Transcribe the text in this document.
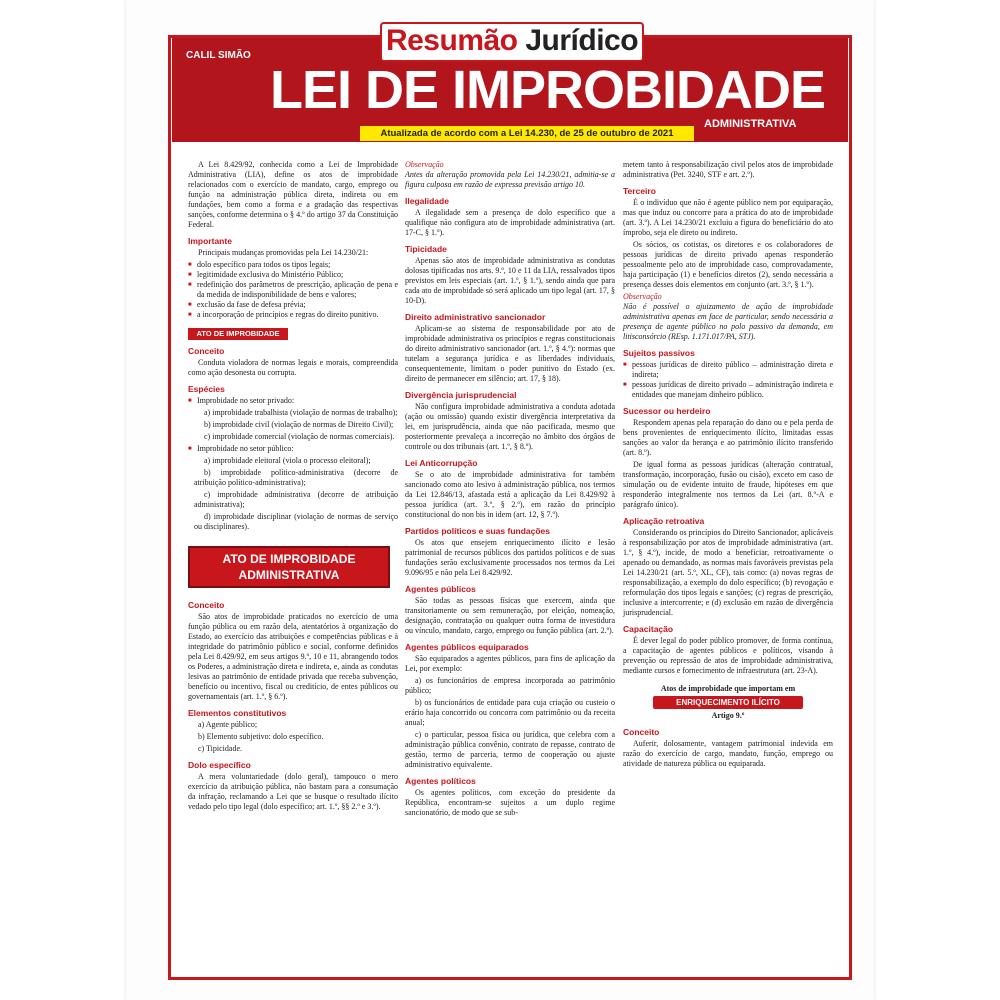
Resumão Jurídico
CALIL SIMÃO
LEI DE IMPROBIDADE
ADMINISTRATIVA
Atualizada de acordo com a Lei 14.230, de 25 de outubro de 2021

A Lei 8.429/92, conhecida como a Lei de Improbidade Administrativa (LIA), define os atos de improbidade relacionados com o exercício de mandato, cargo, emprego ou função na administração pública direta, indireta ou em fundações, bem como a forma e a gradação das respectivas sanções, conforme determina o § 4.º do artigo 37 da Constituição Federal.

Importante

Principais mudanças promovidas pela Lei 14.230/21:

■ dolo específico para todos os tipos legais;
■ legitimidade exclusiva do Ministério Público;
■ redefinição dos parâmetros de prescrição, aplicação de pena e da medida de indisponibilidade de bens e valores;
■ exclusão da fase de defesa prévia;
■ a incorporação de princípios e regras do direito punitivo.
ATO DE IMPROBIDADE
Conceito

Conduta violadora de normas legais e morais, compreendida como ação desonesta ou corrupta.

Espécies
■ Improbidade no setor privado:

a) improbidade trabalhista (violação de normas de trabalho);

b) improbidade civil (violação de normas de Direito Civil);

c) improbidade comercial (violação de normas comerciais).

■ Improbidade no setor público:

a) improbidade eleitoral (viola o processo eleitoral);

b) improbidade político-administrativa (decorre de atribuição político-administrativa);

c) improbidade administrativa (decorre de atribuição administrativa);

d) improbidade disciplinar (violação de normas de serviço ou disciplinares).

ATO DE IMPROBIDADE
ADMINISTRATIVA
Conceito

São atos de improbidade praticados no exercício de uma função pública ou em razão dela, atentatórios à organização do Estado, ao exercício das atribuições e competências públicas e à integridade do patrimônio público e social, conforme definidos pela Lei 8.429/92, em seus artigos 9.º, 10 e 11, abrangendo todos os Poderes, a administração direta e indireta, e, ainda as condutas lesivas ao patrimônio de entidade privada que receba subvenção, benefício ou incentivo, fiscal ou creditício, de entes públicos ou governamentais (art. 1.º, § 6.º).

Elementos constitutivos

a) Agente público;

b) Elemento subjetivo: dolo específico.

c) Tipicidade.

Dolo específico

A mera voluntariedade (dolo geral), tampouco o mero exercício da atribuição pública, não bastam para a consumação da infração, reclamando a Lei que se busque o resultado ilícito vedado pelo tipo legal (dolo específico; art. 1.º, §§ 2.º e 3.º).

Observação

Antes da alteração promovida pela Lei 14.230/21, admitia-se a figura culposa em razão de expressa previsão artigo 10.

Ilegalidade

A ilegalidade sem a presença de dolo específico que a qualifique não configura ato de improbidade administrativa (art. 17-C, § 1.º).

Tipicidade

Apenas são atos de improbidade administrativa as condutas dolosas tipificadas nos arts. 9.º, 10 e 11 da LIA, ressalvados tipos previstos em leis especiais (art. 1.º, § 1.º), sendo ainda que para cada ato de improbidade só será aplicado um tipo legal (art. 17, § 10-D).

Direito administrativo sancionador

Aplicam-se ao sistema de responsabilidade por ato de improbidade administrativa os princípios e regras constitucionais do direito administrativo sancionador (art. 1.º, § 4.º): normas que tutelam a segurança jurídica e as liberdades individuais, consequentemente, limitam o poder punitivo do Estado (ex. direito de permanecer em silêncio; art. 17, § 18).

Divergência jurisprudencial

Não configura improbidade administrativa a conduta adotada (ação ou omissão) quando existir divergência interpretativa da lei, em jurisprudência, ainda que não pacificada, mesmo que posteriormente prevaleça a incorreção no âmbito dos órgãos de controle ou dos tribunais (art. 1.º, § 8.º).

Lei Anticorrupção

Se o ato de improbidade administrativa for também sancionado como ato lesivo à administração pública, nos termos da Lei 12.846/13, afastada está a aplicação da Lei 8.429/92 à pessoa jurídica (art. 3.º, § 2.º), em razão do princípio constitucional do non bis in idem (art. 12, § 7.º).

Partidos políticos e suas fundações

Os atos que ensejem enriquecimento ilícito e lesão patrimonial de recursos públicos dos partidos políticos e de suas fundações serão exclusivamente processados nos termos da Lei 9.096/95 e não pela Lei 8.429/92.

Agentes públicos

São todas as pessoas físicas que exercem, ainda que transitoriamente ou sem remuneração, por eleição, nomeação, designação, contratação ou qualquer outra forma de investidura ou vínculo, mandato, cargo, emprego ou função pública (art. 2.º).

Agentes públicos equiparados

São equiparados a agentes públicos, para fins de aplicação da Lei, por exemplo:

a) os funcionários de empresa incorporada ao patrimônio público;

b) os funcionários de entidade para cuja criação ou custeio o erário haja concorrido ou concorra com patrimônio ou da receita anual;

c) o particular, pessoa física ou jurídica, que celebra com a administração pública convênio, contrato de repasse, contrato de gestão, termo de parceria, termo de cooperação ou ajuste administrativo equivalente.

Agentes políticos

Os agentes políticos, com exceção do presidente da República, encontram-se sujeitos a um duplo regime sancionatório, de modo que se sub-

metem tanto à responsabilização civil pelos atos de improbidade administrativa (Pet. 3240, STF e art. 2.º).

Terceiro

É o indivíduo que não é agente público nem por equiparação, mas que induz ou concorre para a prática do ato de improbidade (art. 3.º). A Lei 14.230/21 excluiu a figura do beneficiário do ato ímprobo, seja ele direto ou indireto.

Os sócios, os cotistas, os diretores e os colaboradores de pessoas jurídicas de direito privado apenas responderão pessoalmente pelo ato de improbidade caso, comprovadamente, haja participação (1) e benefícios diretos (2), sendo necessária a presença desses dois elementos em conjunto (art. 3.º, § 1.º).

Observação

Não é possível o ajuizamento de ação de improbidade administrativa apenas em face de particular, sendo necessária a presença de agente público no polo passivo da demanda, em litisconsórcio (REsp. 1.171.017/PA, STJ).

Sujeitos passivos
■ pessoas jurídicas de direito público – administração direta e indireta;
■ pessoas jurídicas de direito privado – administração indireta e entidades que manejam dinheiro público.
Sucessor ou herdeiro

Respondem apenas pela reparação do dano ou e pela perda de bens provenientes de enriquecimento ilícito, limitadas essas sanções ao valor da herança e ao patrimônio ilícito transferido (art. 8.º).

De igual forma as pessoas jurídicas (alteração contratual, transformação, incorporação, fusão ou cisão), exceto em caso de simulação ou de evidente intuito de fraude, hipóteses em que responderão integralmente nos termos da Lei (art. 8.º-A e parágrafo único).

Aplicação retroativa

Considerando os princípios do Direito Sancionador, aplicáveis à responsabilização por atos de improbidade administrativa (art. 1.º, § 4.º), incide, de modo a beneficiar, retroativamente o apenado ou demandado, as normas mais favoráveis previstas pela Lei 14.230/21 (art. 5.º, XL, CF), tais como: (a) novas regras de responsabilização, a exemplo do dolo específico; (b) revogação e reformulação dos tipos legais e sanções; (c) regras de prescrição, inclusive a intercorrente; e (d) exclusão em razão de divergência jurisprudencial.

Capacitação

É dever legal do poder público promover, de forma contínua, a capacitação de agentes públicos e políticos, visando à prevenção ou repressão de atos de improbidade administrativa, mediante cursos e fornecimento de infraestrutura (art. 23-A).

Atos de improbidade que importam em

ENRIQUECIMENTO ILÍCITO

Artigo 9.º

Conceito

Auferir, dolosamente, vantagem patrimonial indevida em razão do exercício de cargo, mandato, função, emprego ou atividade de natureza pública ou equiparada.
